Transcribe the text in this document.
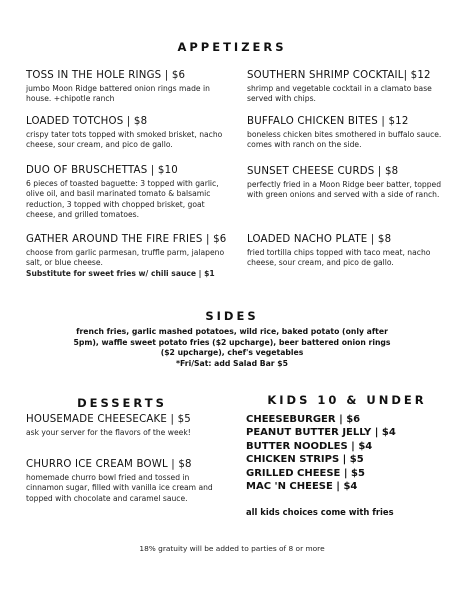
APPETIZERS
TOSS IN THE HOLE RINGS | $6
jumbo Moon Ridge battered onion rings made in house. +chipotle ranch
LOADED TOTCHOS | $8
crispy tater tots topped with smoked brisket, nacho cheese, sour cream, and pico de gallo.
DUO OF BRUSCHETTAS | $10
6 pieces of toasted baguette: 3 topped with garlic, olive oil, and basil marinated tomato & balsamic reduction, 3 topped with chopped brisket, goat cheese, and grilled tomatoes.
GATHER AROUND THE FIRE FRIES | $6
choose from garlic parmesan, truffle parm, jalapeno salt, or blue cheese.
Substitute for sweet fries w/ chili sauce | $1
SOUTHERN SHRIMP COCKTAIL| $12
shrimp and vegetable cocktail in a clamato base served with chips.
BUFFALO CHICKEN BITES | $12
boneless chicken bites smothered in buffalo sauce. comes with ranch on the side.
SUNSET CHEESE CURDS | $8
perfectly fried in a Moon Ridge beer batter, topped with green onions and served with a side of ranch.
LOADED NACHO PLATE | $8
fried tortilla chips topped with taco meat, nacho cheese, sour cream, and pico de gallo.
SIDES
french fries, garlic mashed potatoes, wild rice, baked potato (only after
5pm), waffle sweet potato fries ($2 upcharge), beer battered onion rings
($2 upcharge), chef's vegetables
*Fri/Sat: add Salad Bar $5
DESSERTS
HOUSEMADE CHEESECAKE | $5
ask your server for the flavors of the week!
CHURRO ICE CREAM BOWL | $8
homemade churro bowl fried and tossed in cinnamon sugar, filled with vanilla ice cream and topped with chocolate and caramel sauce.
KIDS 10 & UNDER
CHEESEBURGER | $6
PEANUT BUTTER JELLY | $4
BUTTER NOODLES | $4
CHICKEN STRIPS | $5
GRILLED CHEESE | $5
MAC 'N CHEESE | $4
all kids choices come with fries
18% gratuity will be added to parties of 8 or more
